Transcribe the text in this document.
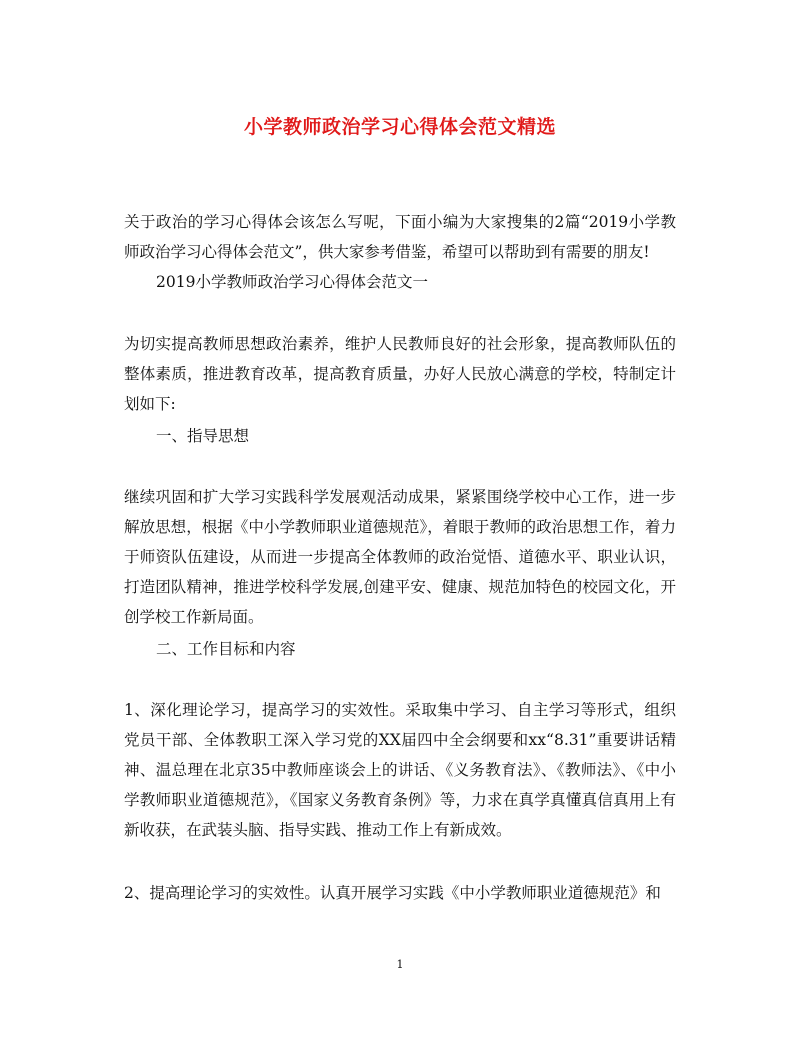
小学教师政治学习心得体会范文精选

关于政治的学习心得体会该怎么写呢，下面小编为大家搜集的2篇“2019小学教师政治学习心得体会范文”，供大家参考借鉴，希望可以帮助到有需要的朋友!

2019小学教师政治学习心得体会范文一

为切实提高教师思想政治素养，维护人民教师良好的社会形象，提高教师队伍的整体素质，推进教育改革，提高教育质量，办好人民放心满意的学校，特制定计划如下:

一、指导思想

继续巩固和扩大学习实践科学发展观活动成果，紧紧围绕学校中心工作，进一步解放思想，根据《中小学教师职业道德规范》，着眼于教师的政治思想工作，着力于师资队伍建设，从而进一步提高全体教师的政治觉悟、道德水平、职业认识，打造团队精神，推进学校科学发展,创建平安、健康、规范加特色的校园文化，开创学校工作新局面。

二、工作目标和内容

1、深化理论学习，提高学习的实效性。采取集中学习、自主学习等形式，组织党员干部、全体教职工深入学习党的XX届四中全会纲要和xx“8.31”重要讲话精神、温总理在北京35中教师座谈会上的讲话、《义务教育法》、《教师法》、《中小学教师职业道德规范》，《国家义务教育条例》等，力求在真学真懂真信真用上有新收获，在武装头脑、指导实践、推动工作上有新成效。

2、提高理论学习的实效性。认真开展学习实践《中小学教师职业道德规范》和

1
